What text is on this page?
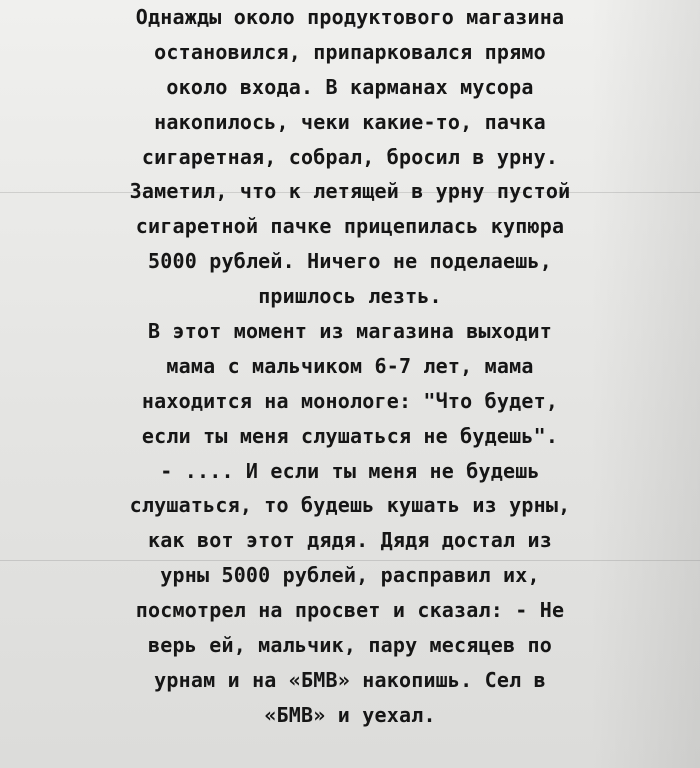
Однажды около продуктового магазина
остановился, припарковался прямо
около входа. В карманах мусора
накопилось, чеки какие-то, пачка
сигаретная, собрал, бросил в урну.
Заметил, что к летящей в урну пустой
сигаретной пачке прицепилась купюра
5000 рублей. Ничего не поделаешь,
пришлось лезть.
В этот момент из магазина выходит
мама с мальчиком 6-7 лет, мама
находится на монологе: "Что будет,
если ты меня слушаться не будешь".
- .... И если ты меня не будешь
слушаться, то будешь кушать из урны,
как вот этот дядя. Дядя достал из
урны 5000 рублей, расправил их,
посмотрел на просвет и сказал: - Не
верь ей, мальчик, пару месяцев по
урнам и на «БМВ» накопишь. Сел в
«БМВ» и уехал.
